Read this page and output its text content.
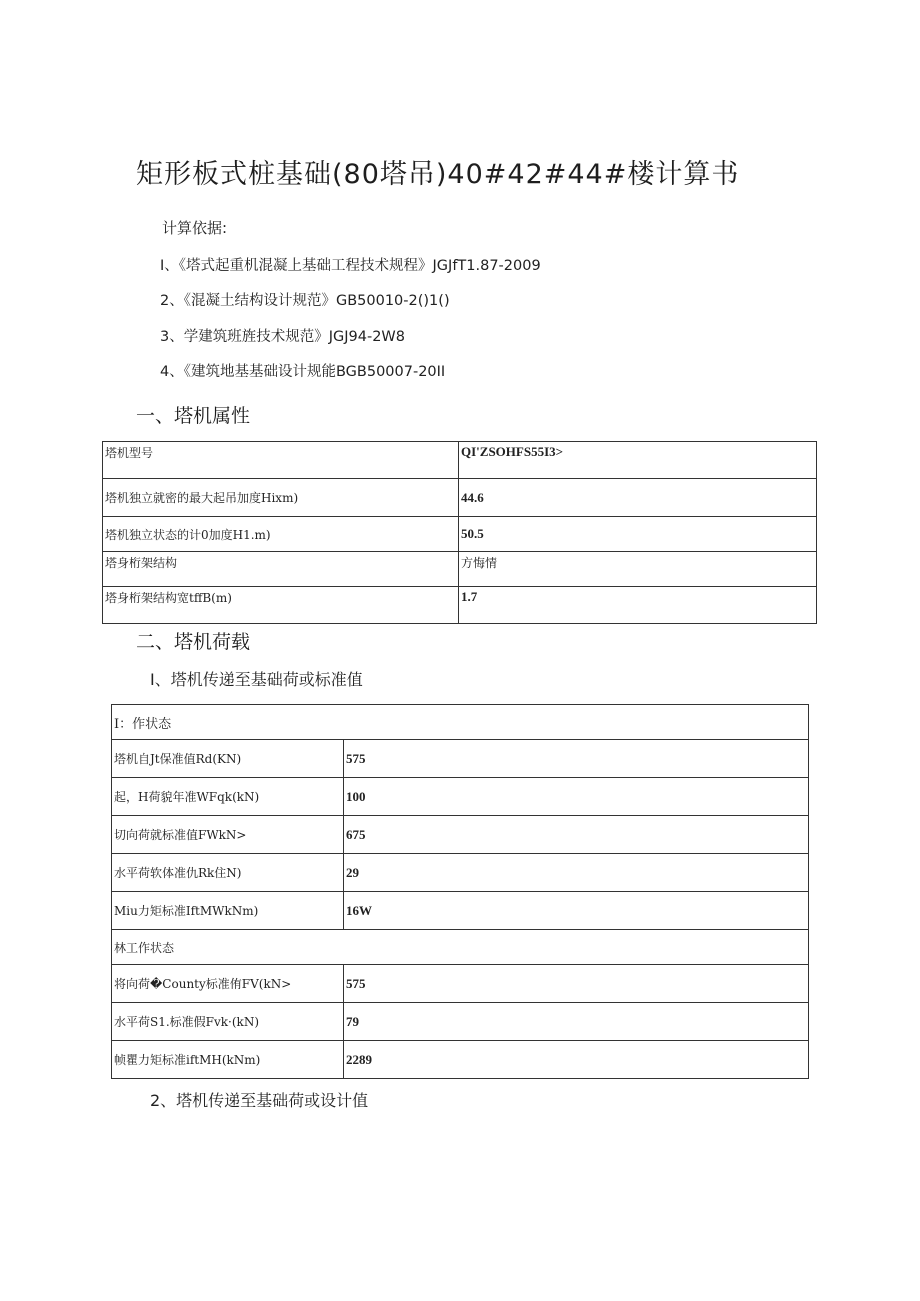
矩形板式桩基础(80塔吊)40#42#44#楼计算书
计算依据:
I、《塔式起重机混凝上基础工程技术规程》JGJfT1.87-2009
2、《混凝土结构设计规范》GB50010-2()1()
3、学建筑班旌技术规范》JGJ94-2W8
4、《建筑地基基础设计规能BGB50007-20II
一、塔机属性
塔机型号	QI'ZSOHFS55I3>
塔机独立就密的最大起吊加度Hixm)	44.6
塔机独立状态的计0加度H1.m)	50.5
塔身桁架结构	方悔情
塔身桁架结构宽tffB(m)	1.7
二、塔机荷载
I、塔机传递至基础荷或标准值
I：作状态	
塔机自Jt保准值Rd(KN)	575
起，H荷貌年准WFqk(kN)	100
切向荷就标准值FWkN>	675
水平荷软体准仇Rk住N)	29
Miu力矩标准IftMWkNm)	16W
林工作状态	
将向荷�County标准侑FV(kN>	575
水平荷S1.标准假Fvk·(kN)	79
帧瞿力矩标准iftMH(kNm)	2289
2、塔机传递至基础荷或设计值
